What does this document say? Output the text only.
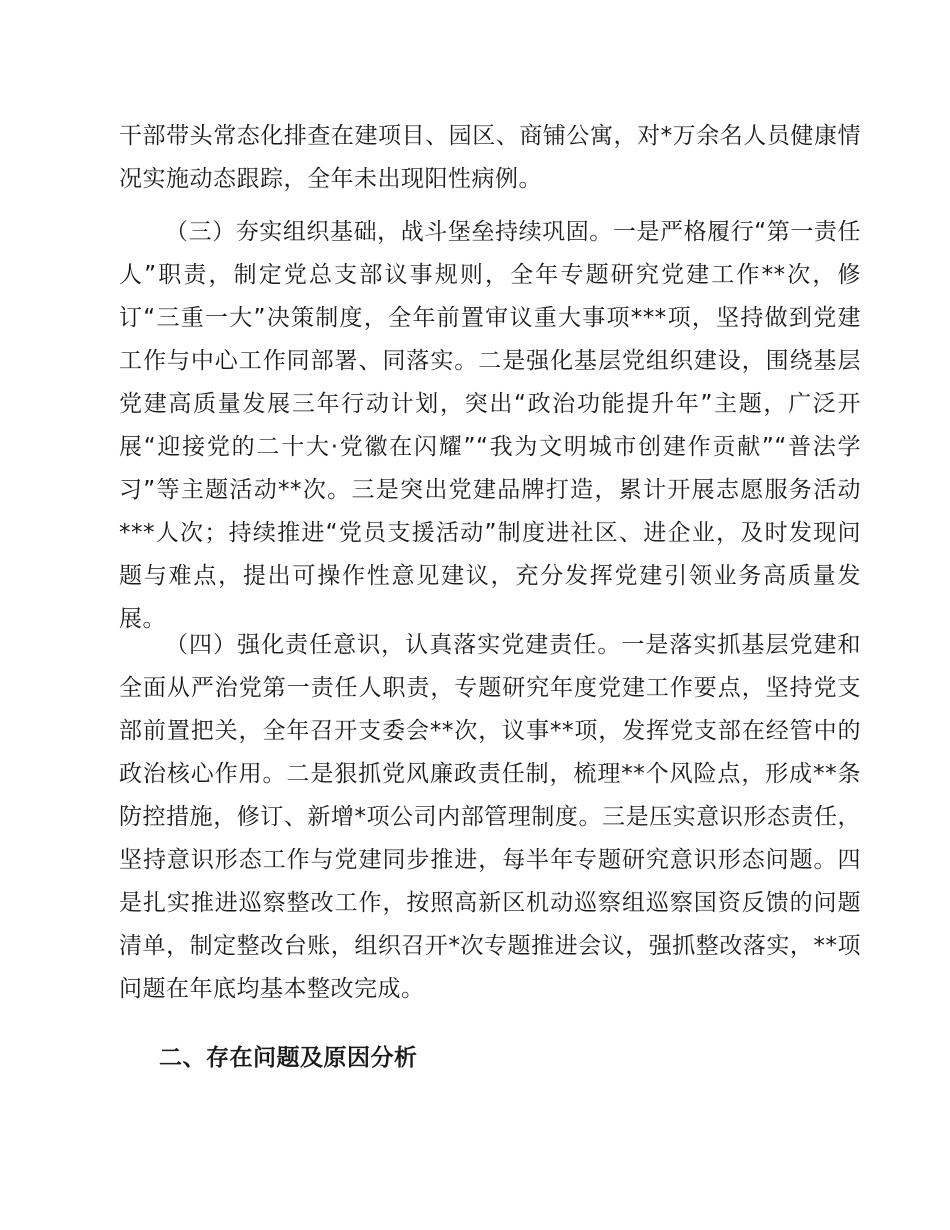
干部带头常态化排查在建项目、园区、商铺公寓，对*万余名人员健康情况实施动态跟踪，全年未出现阳性病例。

（三）夯实组织基础，战斗堡垒持续巩固。一是严格履行“第一责任人”职责，制定党总支部议事规则，全年专题研究党建工作**次，修订“三重一大”决策制度，全年前置审议重大事项***项，坚持做到党建工作与中心工作同部署、同落实。二是强化基层党组织建设，围绕基层党建高质量发展三年行动计划，突出“政治功能提升年”主题，广泛开展“迎接党的二十大·党徽在闪耀”“我为文明城市创建作贡献”“普法学习”等主题活动**次。三是突出党建品牌打造，累计开展志愿服务活动***人次；持续推进“党员支援活动”制度进社区、进企业，及时发现问题与难点，提出可操作性意见建议，充分发挥党建引领业务高质量发展。

（四）强化责任意识，认真落实党建责任。一是落实抓基层党建和全面从严治党第一责任人职责，专题研究年度党建工作要点，坚持党支部前置把关，全年召开支委会**次，议事**项，发挥党支部在经管中的政治核心作用。二是狠抓党风廉政责任制，梳理**个风险点，形成**条防控措施，修订、新增*项公司内部管理制度。三是压实意识形态责任，坚持意识形态工作与党建同步推进，每半年专题研究意识形态问题。四是扎实推进巡察整改工作，按照高新区机动巡察组巡察国资反馈的问题清单，制定整改台账，组织召开*次专题推进会议，强抓整改落实，**项问题在年底均基本整改完成。

二、存在问题及原因分析
